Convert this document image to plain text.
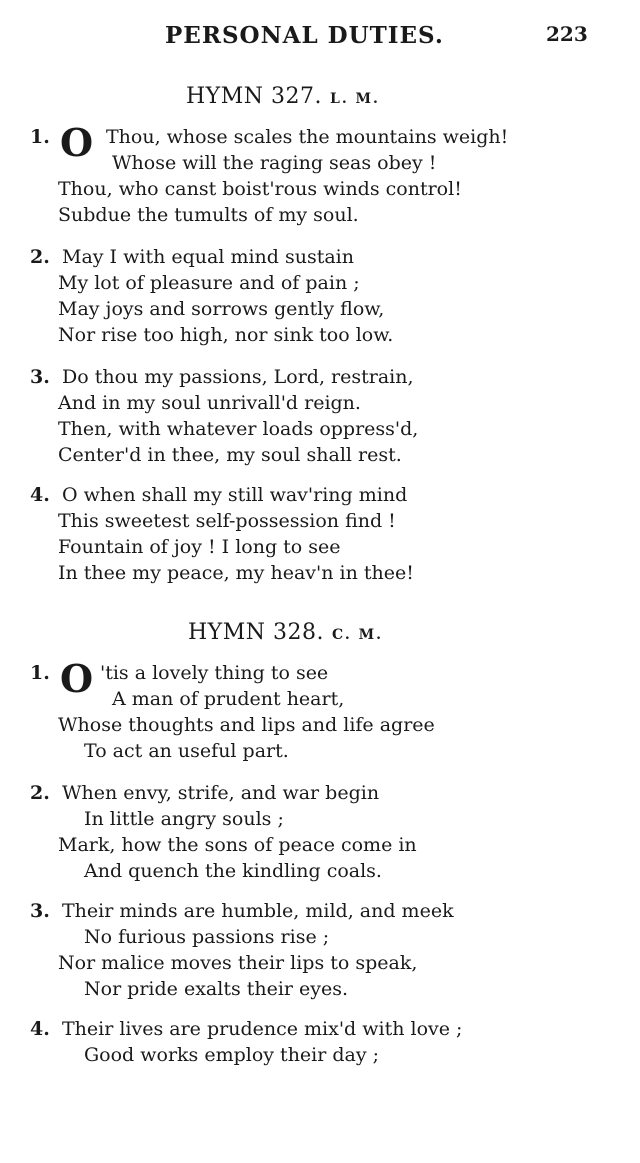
PERSONAL DUTIES.	223
HYMN 327. L. M.
1. O Thou, whose scales the mountains weigh!
Whose will the raging seas obey !
Thou, who canst boist'rous winds control!
Subdue the tumults of my soul.
2. May I with equal mind sustain
My lot of pleasure and of pain ;
May joys and sorrows gently flow,
Nor rise too high, nor sink too low.
3. Do thou my passions, Lord, restrain,
And in my soul unrivall'd reign.
Then, with whatever loads oppress'd,
Center'd in thee, my soul shall rest.
4. O when shall my still wav'ring mind
This sweetest self-possession find !
Fountain of joy ! I long to see
In thee my peace, my heav'n in thee!
HYMN 328. C. M.
1. O 'tis a lovely thing to see
A man of prudent heart,
Whose thoughts and lips and life agree
To act an useful part.
2. When envy, strife, and war begin
In little angry souls ;
Mark, how the sons of peace come in
And quench the kindling coals.
3. Their minds are humble, mild, and meek
No furious passions rise ;
Nor malice moves their lips to speak,
Nor pride exalts their eyes.
4. Their lives are prudence mix'd with love ;
Good works employ their day ;
